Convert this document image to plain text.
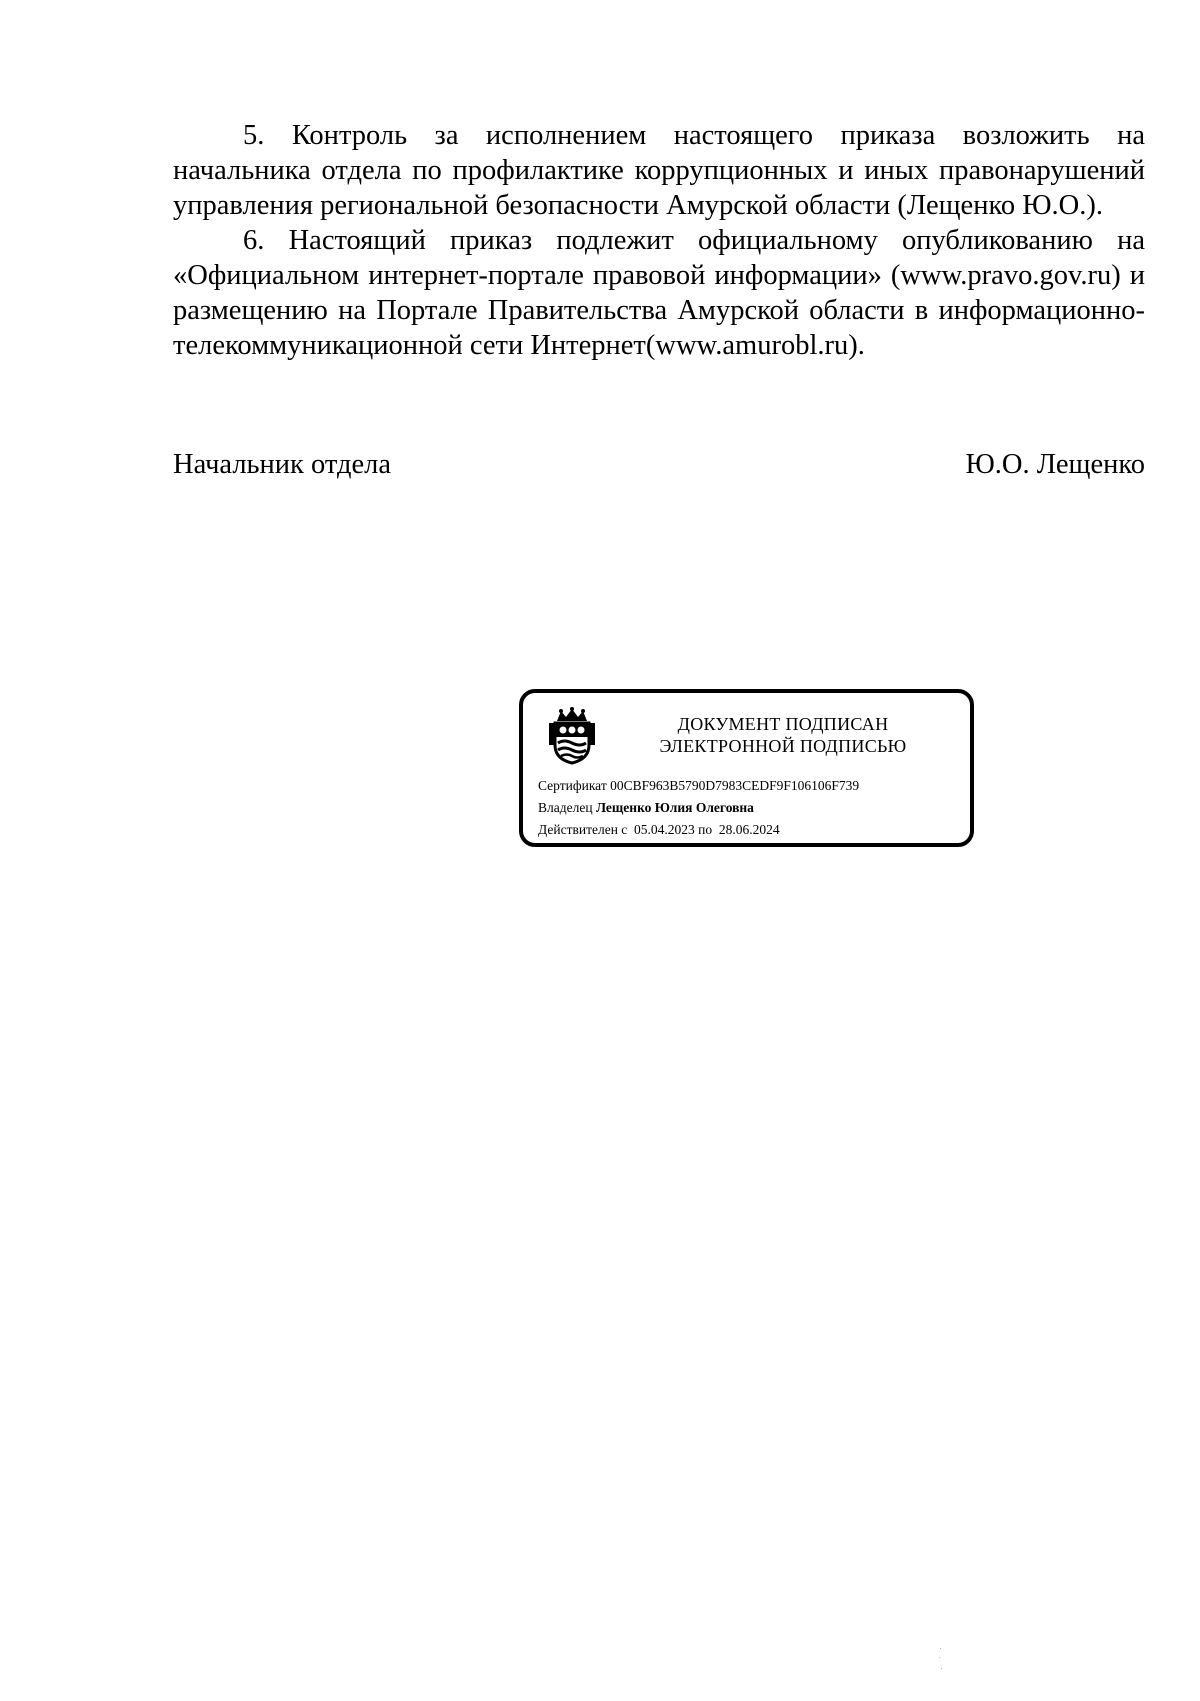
5. Контроль за исполнением настоящего приказа возложить на начальника отдела по профилактике коррупционных и иных правонарушений управления региональной безопасности Амурской области (Лещенко Ю.О.).

6. Настоящий приказ подлежит официальному опубликованию на «Официальном интернет-портале правовой информации» (www.pravo.gov.ru) и размещению на Портале Правительства Амурской области в информационно-телекоммуникационной сети Интернет(www.amurobl.ru).

Начальник отдела	Ю.О. Лещенко
ДОКУМЕНТ ПОДПИСАН
ЭЛЕКТРОННОЙ ПОДПИСЬЮ
Сертификат 00CBF963B5790D7983CEDF9F106106F739
Владелец Лещенко Юлия Олеговна
Действителен с 05.04.2023 по 28.06.2024
